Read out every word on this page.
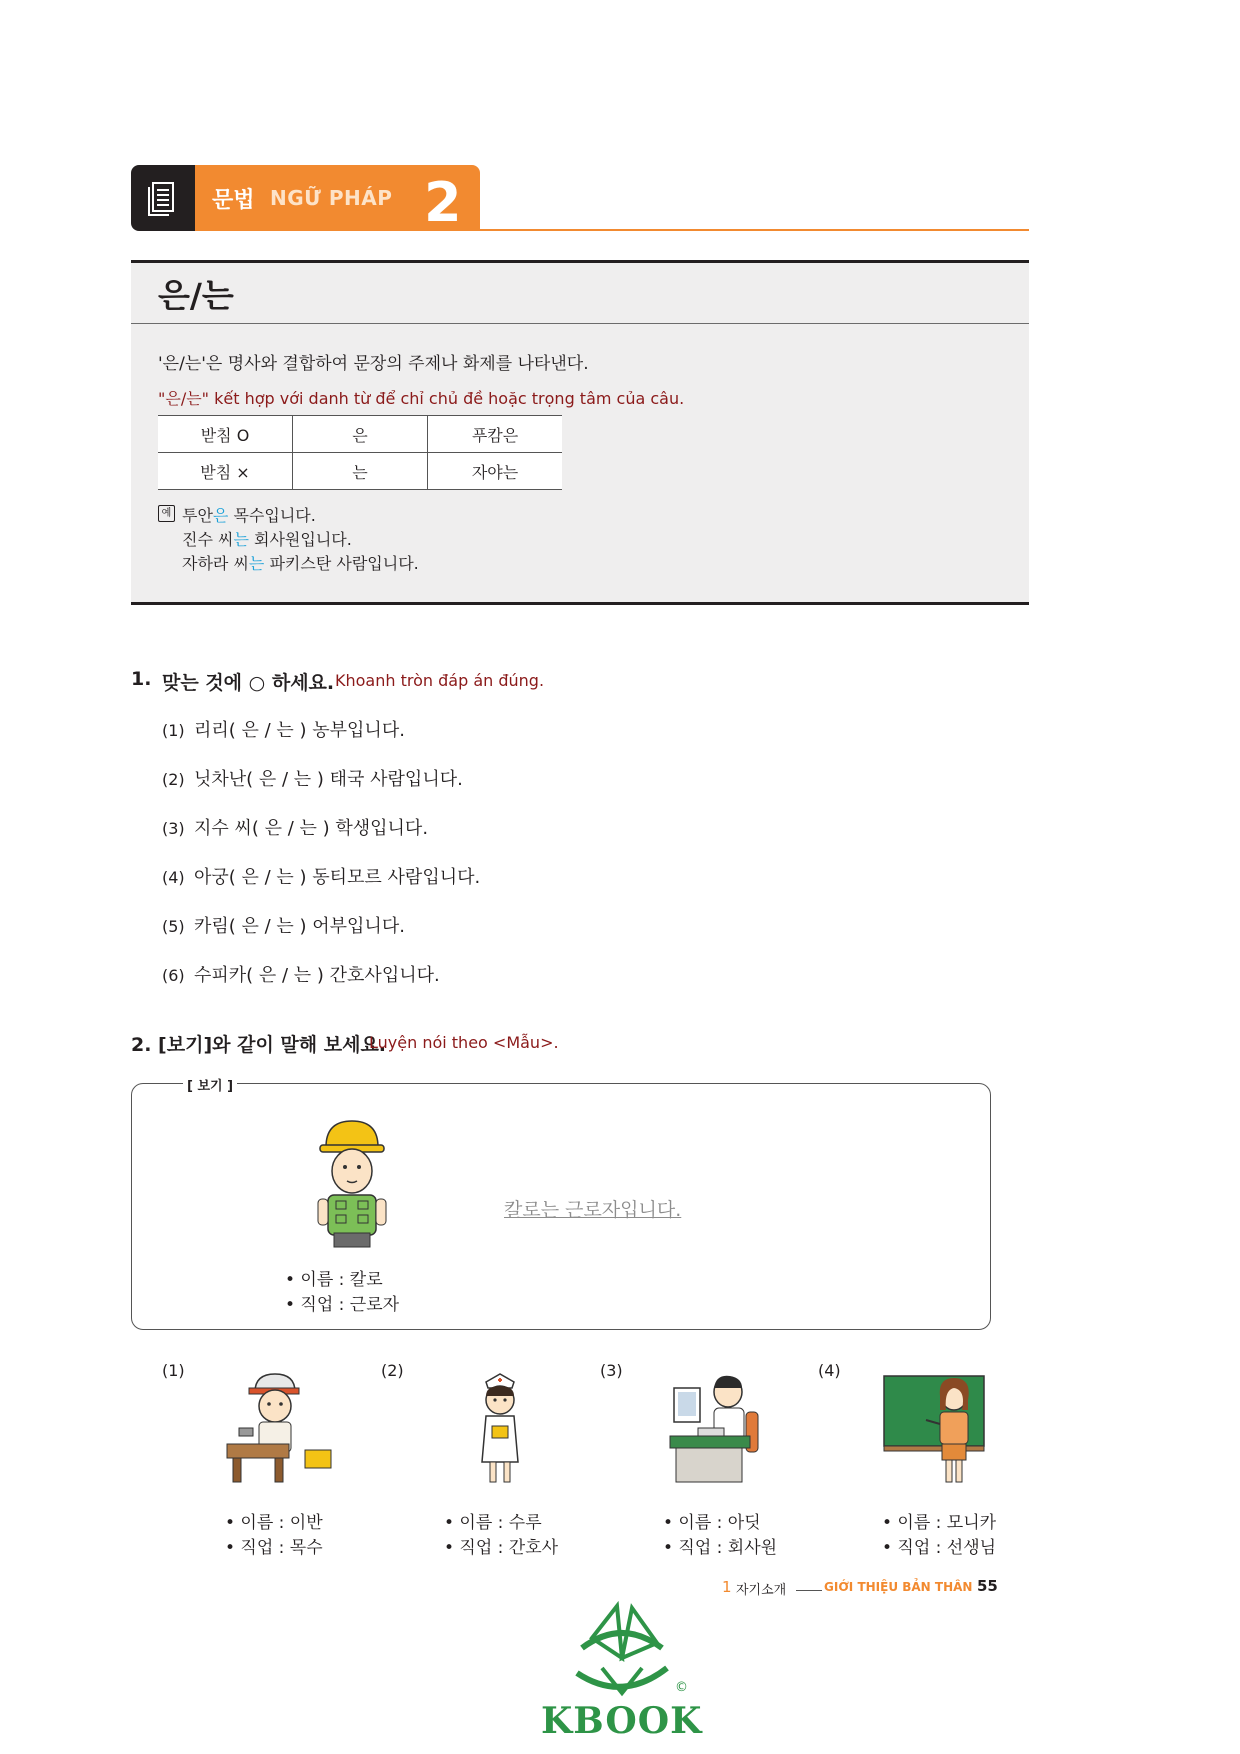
문법 NGỮ PHÁP 2
은/는
'은/는'은 명사와 결합하여 문장의 주제나 화제를 나타낸다.
"은/는" kết hợp với danh từ để chỉ chủ đề hoặc trọng tâm của câu.
받침 O	은	푸캄은
받침 ×	는	자야는
예 투안은 목수입니다.
진수 씨는 회사원입니다.
자하라 씨는 파키스탄 사람입니다.
1. 맞는 것에 ○ 하세요. Khoanh tròn đáp án đúng.
(1) 리리( 은 / 는 ) 농부입니다.
(2) 닛차난( 은 / 는 ) 태국 사람입니다.
(3) 지수 씨( 은 / 는 ) 학생입니다.
(4) 아궁( 은 / 는 ) 동티모르 사람입니다.
(5) 카림( 은 / 는 ) 어부입니다.
(6) 수피카( 은 / 는 ) 간호사입니다.
2. [보기]와 같이 말해 보세요.
Luyện nói theo <Mẫu>.
[ 보기 ]
• 이름 : 칼로
• 직업 : 근로자
칼로는 근로자입니다.
(1)
• 이름 : 이반
• 직업 : 목수
(2)
• 이름 : 수루
• 직업 : 간호사
(3)
• 이름 : 아딧
• 직업 : 회사원
(4)
• 이름 : 모니카
• 직업 : 선생님
1 자기소개	GIỚI THIỆU BẢN THÂN 55
©
KBOOK
